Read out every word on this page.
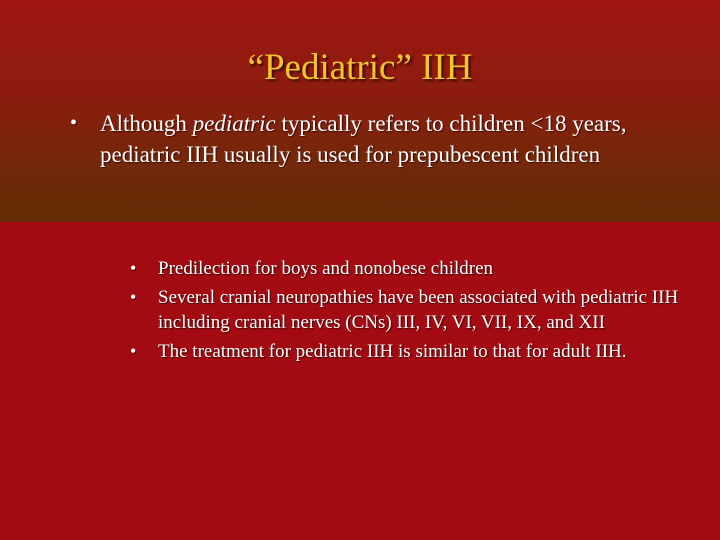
“Pediatric” IIH
• Although pediatric typically refers to children <18 years, pediatric IIH usually is used for prepubescent children
• Predilection for boys and nonobese children
• Several cranial neuropathies have been associated with pediatric IIH including cranial nerves (CNs) III, IV, VI, VII, IX, and XII
• The treatment for pediatric IIH is similar to that for adult IIH.
